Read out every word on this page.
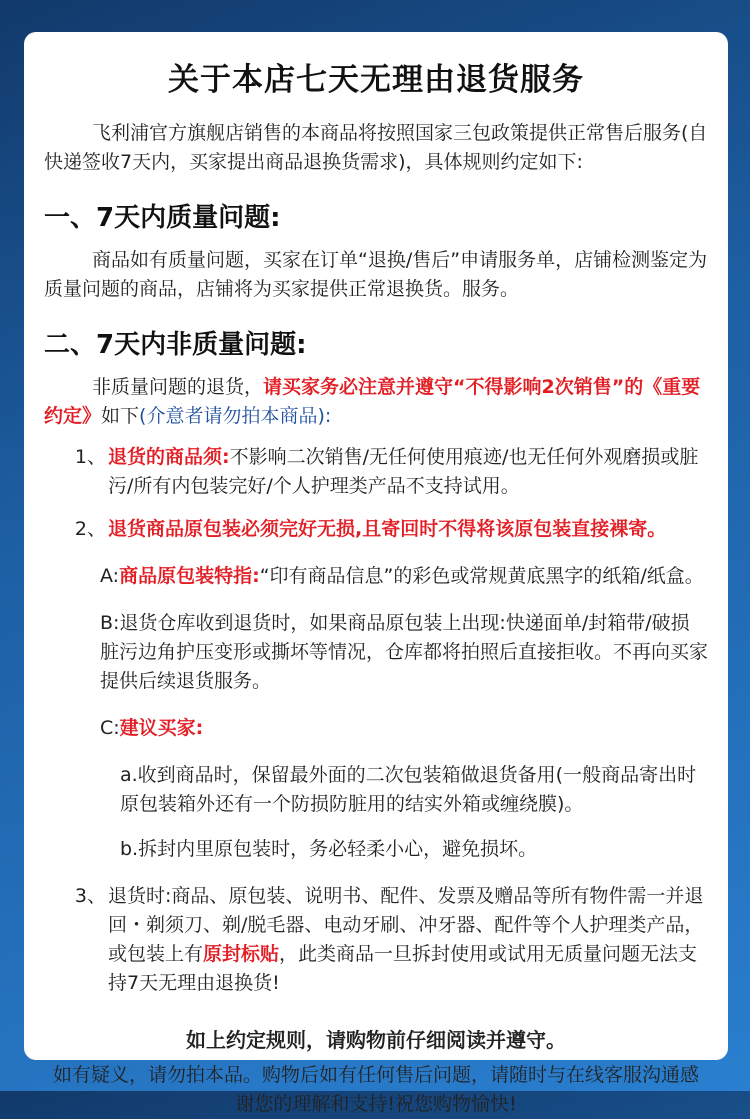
关于本店七天无理由退货服务
飞利浦官方旗舰店销售的本商品将按照国家三包政策提供正常售后服务(自快递签收7天内，买家提出商品退换货需求)，具体规则约定如下:
一、7天内质量问题:
商品如有质量问题，买家在订单“退换/售后”申请服务单，店铺检测鉴定为质量问题的商品，店铺将为买家提供正常退换货。服务。
二、7天内非质量问题:
非质量问题的退货，请买家务必注意并遵守“不得影响2次销售”的《重要约定》如下(介意者请勿拍本商品):
1、 退货的商品须:不影响二次销售/无任何使用痕迹/也无任何外观磨损或脏污/所有内包装完好/个人护理类产品不支持试用。
2、 退货商品原包装必须完好无损,且寄回时不得将该原包装直接裸寄。
A:商品原包装特指:“印有商品信息”的彩色或常规黄底黑字的纸箱/纸盒。
B:退货仓库收到退货时，如果商品原包装上出现:快递面单/封箱带/破损脏污边角护压变形或撕坏等情况，仓库都将拍照后直接拒收。不再向买家提供后续退货服务。
C:建议买家:
a.收到商品时，保留最外面的二次包装箱做退货备用(一般商品寄出时原包装箱外还有一个防损防脏用的结实外箱或缠绕膜)。
b.拆封内里原包装时，务必轻柔小心，避免损坏。
3、 退货时:商品、原包装、说明书、配件、发票及赠品等所有物件需一并退回・剃须刀、剃/脱毛器、电动牙刷、冲牙器、配件等个人护理类产品，或包装上有原封标贴，此类商品一旦拆封使用或试用无质量问题无法支持7天无理由退换货!
如上约定规则，请购物前仔细阅读并遵守。
如有疑义，请勿拍本品。购物后如有任何售后问题，请随时与在线客服沟通感谢您的理解和支持!祝您购物愉快!
